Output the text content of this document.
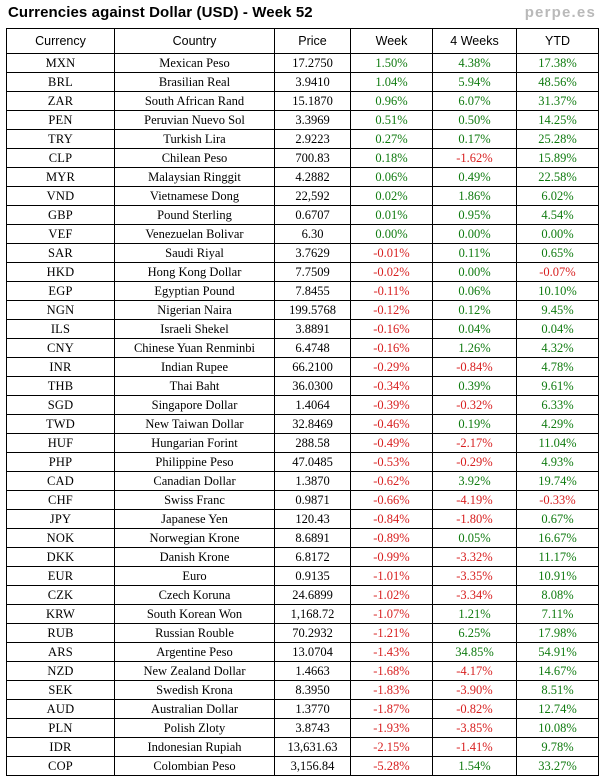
Currencies against Dollar (USD) - Week 52	perpe.es
Currency	Country	Price	Week	4 Weeks	YTD
MXN	Mexican Peso	17.2750	1.50%	4.38%	17.38%
BRL	Brasilian Real	3.9410	1.04%	5.94%	48.56%
ZAR	South African Rand	15.1870	0.96%	6.07%	31.37%
PEN	Peruvian Nuevo Sol	3.3969	0.51%	0.50%	14.25%
TRY	Turkish Lira	2.9223	0.27%	0.17%	25.28%
CLP	Chilean Peso	700.83	0.18%	-1.62%	15.89%
MYR	Malaysian Ringgit	4.2882	0.06%	0.49%	22.58%
VND	Vietnamese Dong	22,592	0.02%	1.86%	6.02%
GBP	Pound Sterling	0.6707	0.01%	0.95%	4.54%
VEF	Venezuelan Bolivar	6.30	0.00%	0.00%	0.00%
SAR	Saudi Riyal	3.7629	-0.01%	0.11%	0.65%
HKD	Hong Kong Dollar	7.7509	-0.02%	0.00%	-0.07%
EGP	Egyptian Pound	7.8455	-0.11%	0.06%	10.10%
NGN	Nigerian Naira	199.5768	-0.12%	0.12%	9.45%
ILS	Israeli Shekel	3.8891	-0.16%	0.04%	0.04%
CNY	Chinese Yuan Renminbi	6.4748	-0.16%	1.26%	4.32%
INR	Indian Rupee	66.2100	-0.29%	-0.84%	4.78%
THB	Thai Baht	36.0300	-0.34%	0.39%	9.61%
SGD	Singapore Dollar	1.4064	-0.39%	-0.32%	6.33%
TWD	New Taiwan Dollar	32.8469	-0.46%	0.19%	4.29%
HUF	Hungarian Forint	288.58	-0.49%	-2.17%	11.04%
PHP	Philippine Peso	47.0485	-0.53%	-0.29%	4.93%
CAD	Canadian Dollar	1.3870	-0.62%	3.92%	19.74%
CHF	Swiss Franc	0.9871	-0.66%	-4.19%	-0.33%
JPY	Japanese Yen	120.43	-0.84%	-1.80%	0.67%
NOK	Norwegian Krone	8.6891	-0.89%	0.05%	16.67%
DKK	Danish Krone	6.8172	-0.99%	-3.32%	11.17%
EUR	Euro	0.9135	-1.01%	-3.35%	10.91%
CZK	Czech Koruna	24.6899	-1.02%	-3.34%	8.08%
KRW	South Korean Won	1,168.72	-1.07%	1.21%	7.11%
RUB	Russian Rouble	70.2932	-1.21%	6.25%	17.98%
ARS	Argentine Peso	13.0704	-1.43%	34.85%	54.91%
NZD	New Zealand Dollar	1.4663	-1.68%	-4.17%	14.67%
SEK	Swedish Krona	8.3950	-1.83%	-3.90%	8.51%
AUD	Australian Dollar	1.3770	-1.87%	-0.82%	12.74%
PLN	Polish Zloty	3.8743	-1.93%	-3.85%	10.08%
IDR	Indonesian Rupiah	13,631.63	-2.15%	-1.41%	9.78%
COP	Colombian Peso	3,156.84	-5.28%	1.54%	33.27%
